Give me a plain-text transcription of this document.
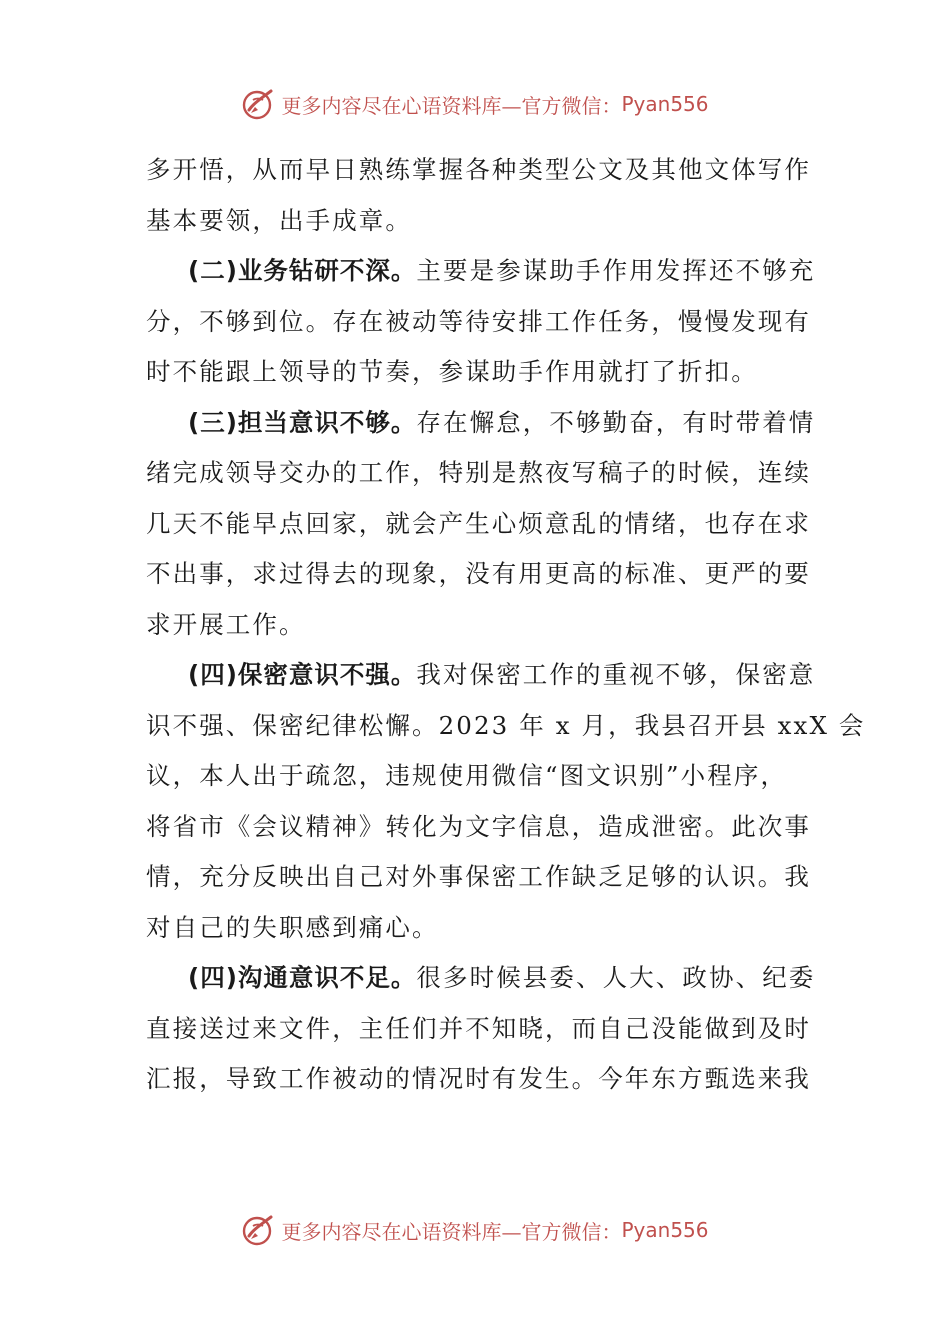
更多内容尽在心语资料库—官方微信： Pyan556

多开悟，从而早日熟练掌握各种类型公文及其他文体写作
基本要领，出手成章。

(二)业务钻研不深。主要是参谋助手作用发挥还不够充
分，不够到位。存在被动等待安排工作任务，慢慢发现有
时不能跟上领导的节奏，参谋助手作用就打了折扣。

(三)担当意识不够。存在懈怠，不够勤奋，有时带着情
绪完成领导交办的工作，特别是熬夜写稿子的时候，连续
几天不能早点回家，就会产生心烦意乱的情绪，也存在求
不出事，求过得去的现象，没有用更高的标准、更严的要
求开展工作。

(四)保密意识不强。我对保密工作的重视不够，保密意
识不强、保密纪律松懈。2023 年 x 月，我县召开县 xxX 会
议，本人出于疏忽，违规使用微信“图文识别”小程序，
将省市《会议精神》转化为文字信息，造成泄密。此次事
情，充分反映出自己对外事保密工作缺乏足够的认识。我
对自己的失职感到痛心。

(四)沟通意识不足。很多时候县委、人大、政协、纪委
直接送过来文件，主任们并不知晓，而自己没能做到及时
汇报，导致工作被动的情况时有发生。今年东方甄选来我

更多内容尽在心语资料库—官方微信： Pyan556
